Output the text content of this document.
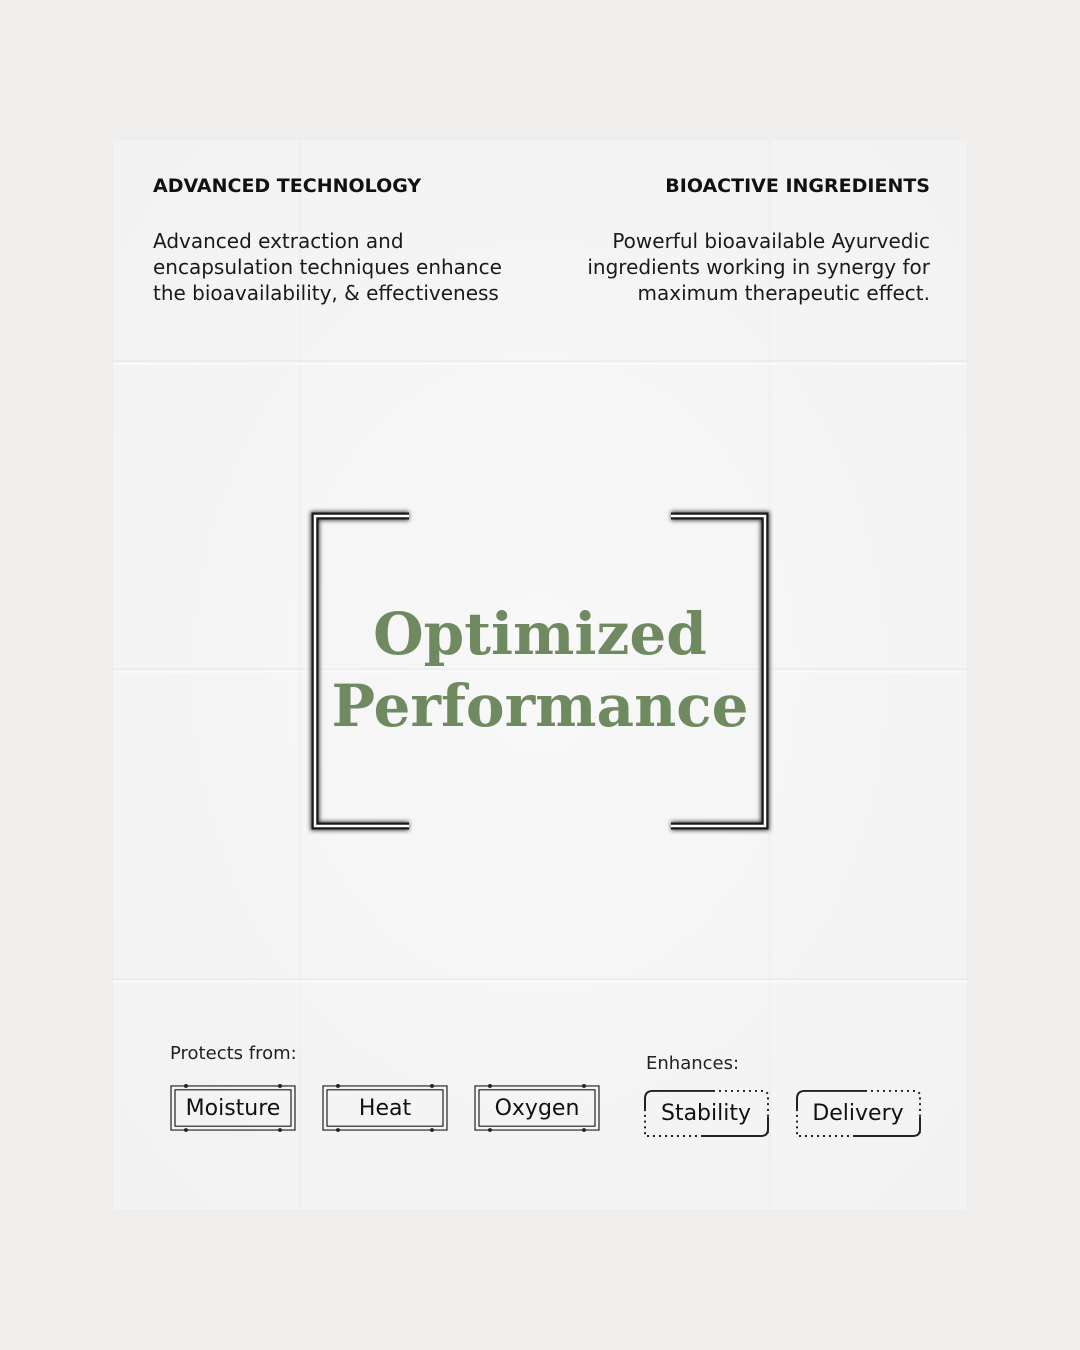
ADVANCED TECHNOLOGY

Advanced extraction and
encapsulation techniques enhance
the bioavailability, & effectiveness

BIOACTIVE INGREDIENTS

Powerful bioavailable Ayurvedic
ingredients working in synergy for
maximum therapeutic effect.

Optimized
Performance

Protects from:

Moisture	Heat	Oxygen

Enhances:

Stability	Delivery
